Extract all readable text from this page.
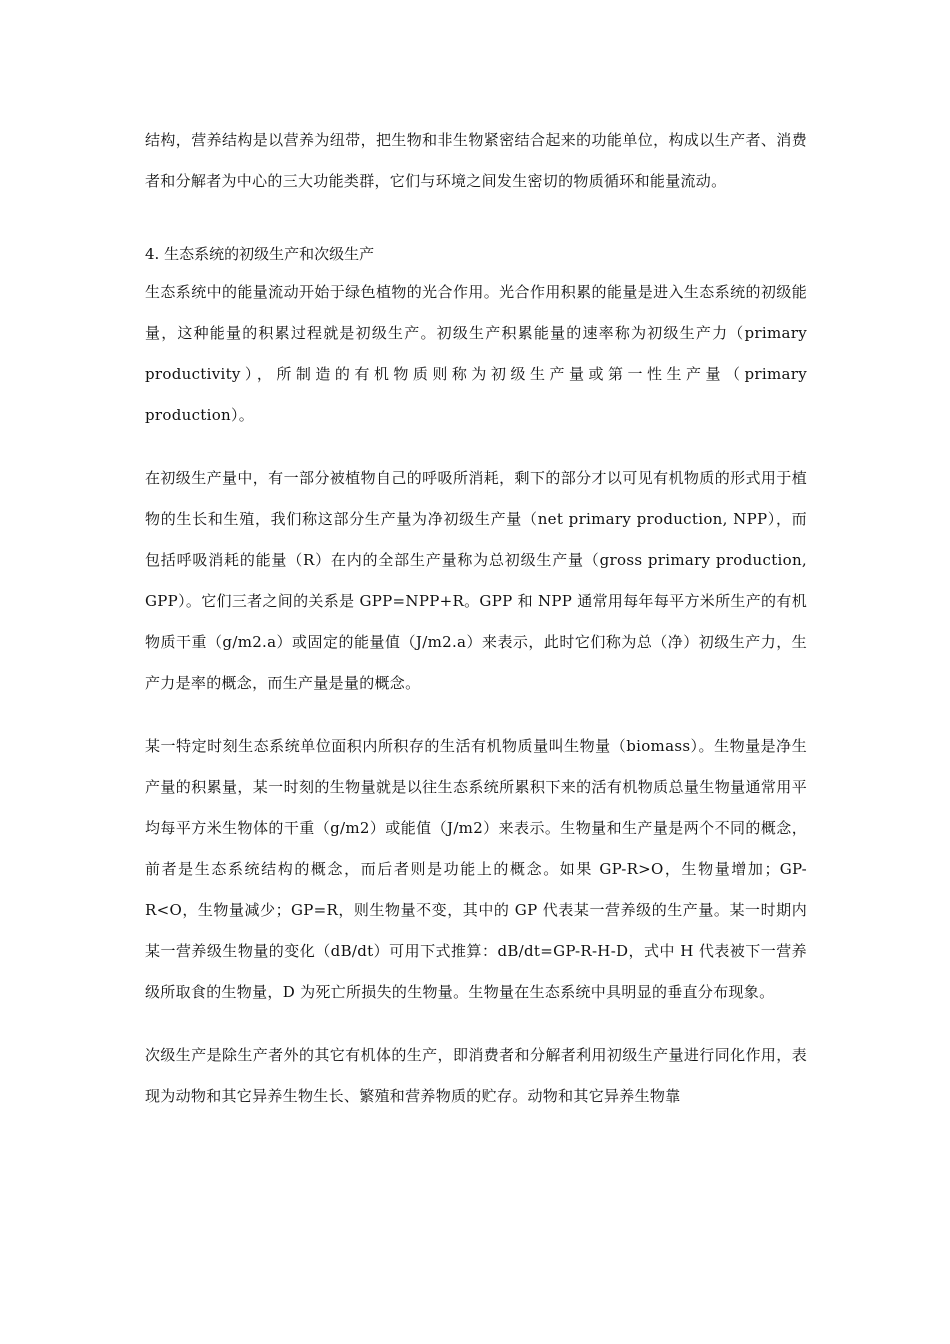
结构，营养结构是以营养为纽带，把生物和非生物紧密结合起来的功能单位，构成以生产者、消费者和分解者为中心的三大功能类群，它们与环境之间发生密切的物质循环和能量流动。

4. 生态系统的初级生产和次级生产

生态系统中的能量流动开始于绿色植物的光合作用。光合作用积累的能量是进入生态系统的初级能量，这种能量的积累过程就是初级生产。初级生产积累能量的速率称为初级生产力（primary productivity），所制造的有机物质则称为初级生产量或第一性生产量（primary production）。

在初级生产量中，有一部分被植物自己的呼吸所消耗，剩下的部分才以可见有机物质的形式用于植物的生长和生殖，我们称这部分生产量为净初级生产量（net primary production, NPP），而包括呼吸消耗的能量（R）在内的全部生产量称为总初级生产量（gross primary production, GPP）。它们三者之间的关系是 GPP=NPP+R。GPP 和 NPP 通常用每年每平方米所生产的有机物质干重（g/m2.a）或固定的能量值（J/m2.a）来表示，此时它们称为总（净）初级生产力，生产力是率的概念，而生产量是量的概念。

某一特定时刻生态系统单位面积内所积存的生活有机物质量叫生物量（biomass）。生物量是净生产量的积累量，某一时刻的生物量就是以往生态系统所累积下来的活有机物质总量生物量通常用平均每平方米生物体的干重（g/m2）或能值（J/m2）来表示。生物量和生产量是两个不同的概念，前者是生态系统结构的概念，而后者则是功能上的概念。如果 GP-R>O，生物量增加；GP-R<O，生物量减少；GP=R，则生物量不变，其中的 GP 代表某一营养级的生产量。某一时期内某一营养级生物量的变化（dB/dt）可用下式推算：dB/dt=GP-R-H-D，式中 H 代表被下一营养级所取食的生物量，D 为死亡所损失的生物量。生物量在生态系统中具明显的垂直分布现象。

次级生产是除生产者外的其它有机体的生产，即消费者和分解者利用初级生产量进行同化作用，表现为动物和其它异养生物生长、繁殖和营养物质的贮存。动物和其它异养生物靠
